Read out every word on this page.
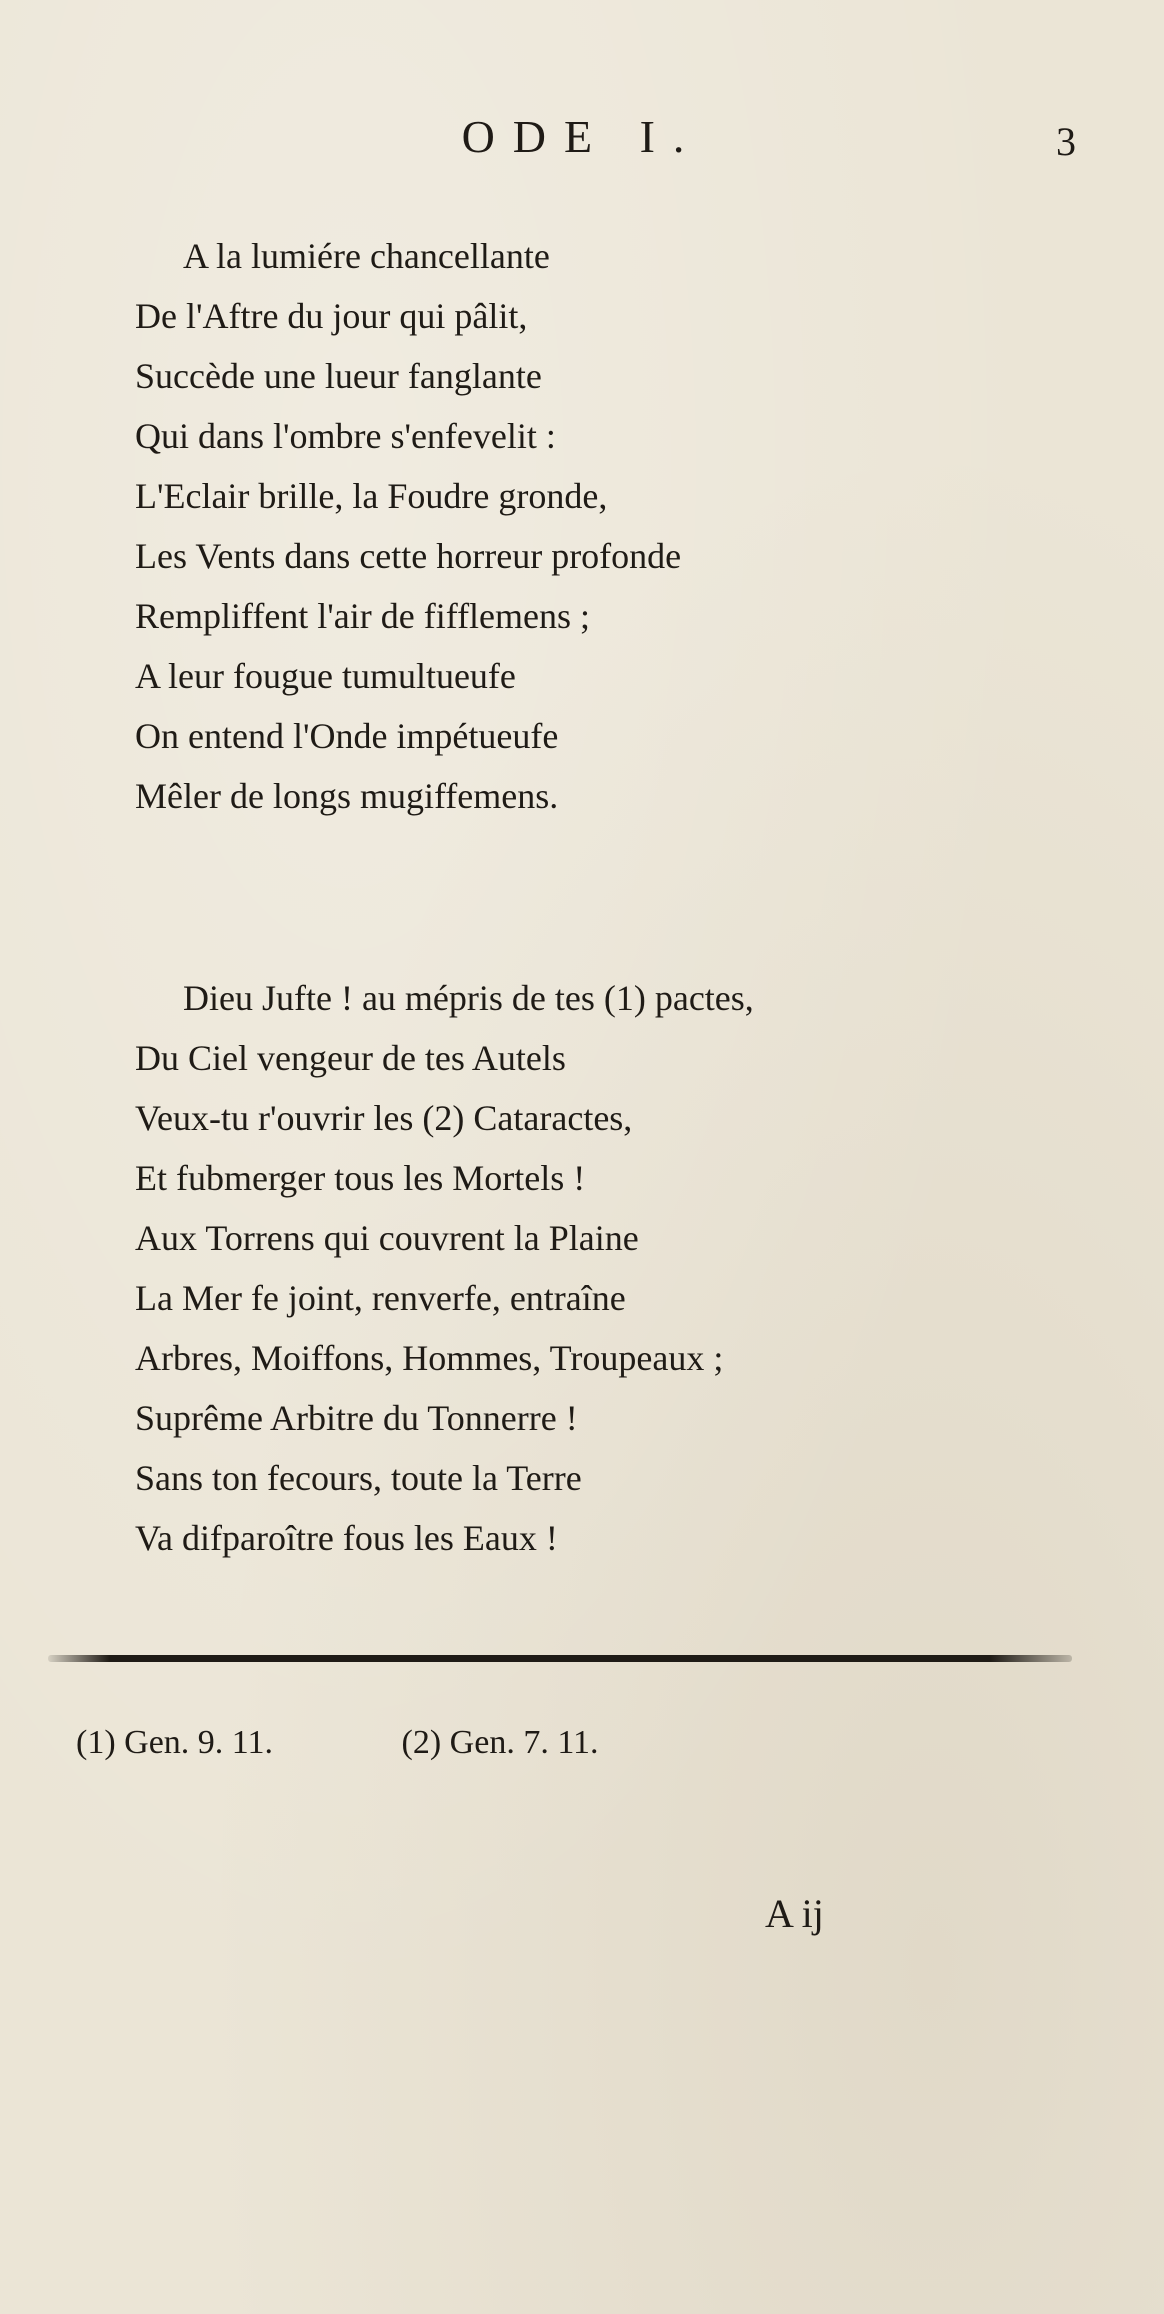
ODE I.	3
A la lumiére chancellante
De l'Aftre du jour qui pâlit,
Succède une lueur fanglante
Qui dans l'ombre s'enfevelit :
L'Eclair brille, la Foudre gronde,
Les Vents dans cette horreur profonde
Rempliffent l'air de fifflemens ;
A leur fougue tumultueufe
On entend l'Onde impétueufe
Mêler de longs mugiffemens.
Dieu Jufte ! au mépris de tes (1) pactes,
Du Ciel vengeur de tes Autels
Veux-tu r'ouvrir les (2) Cataractes,
Et fubmerger tous les Mortels !
Aux Torrens qui couvrent la Plaine
La Mer fe joint, renverfe, entraîne
Arbres, Moiffons, Hommes, Troupeaux ;
Suprême Arbitre du Tonnerre !
Sans ton fecours, toute la Terre
Va difparoître fous les Eaux !
(1) Gen. 9. 11.	(2) Gen. 7. 11.
A ij
